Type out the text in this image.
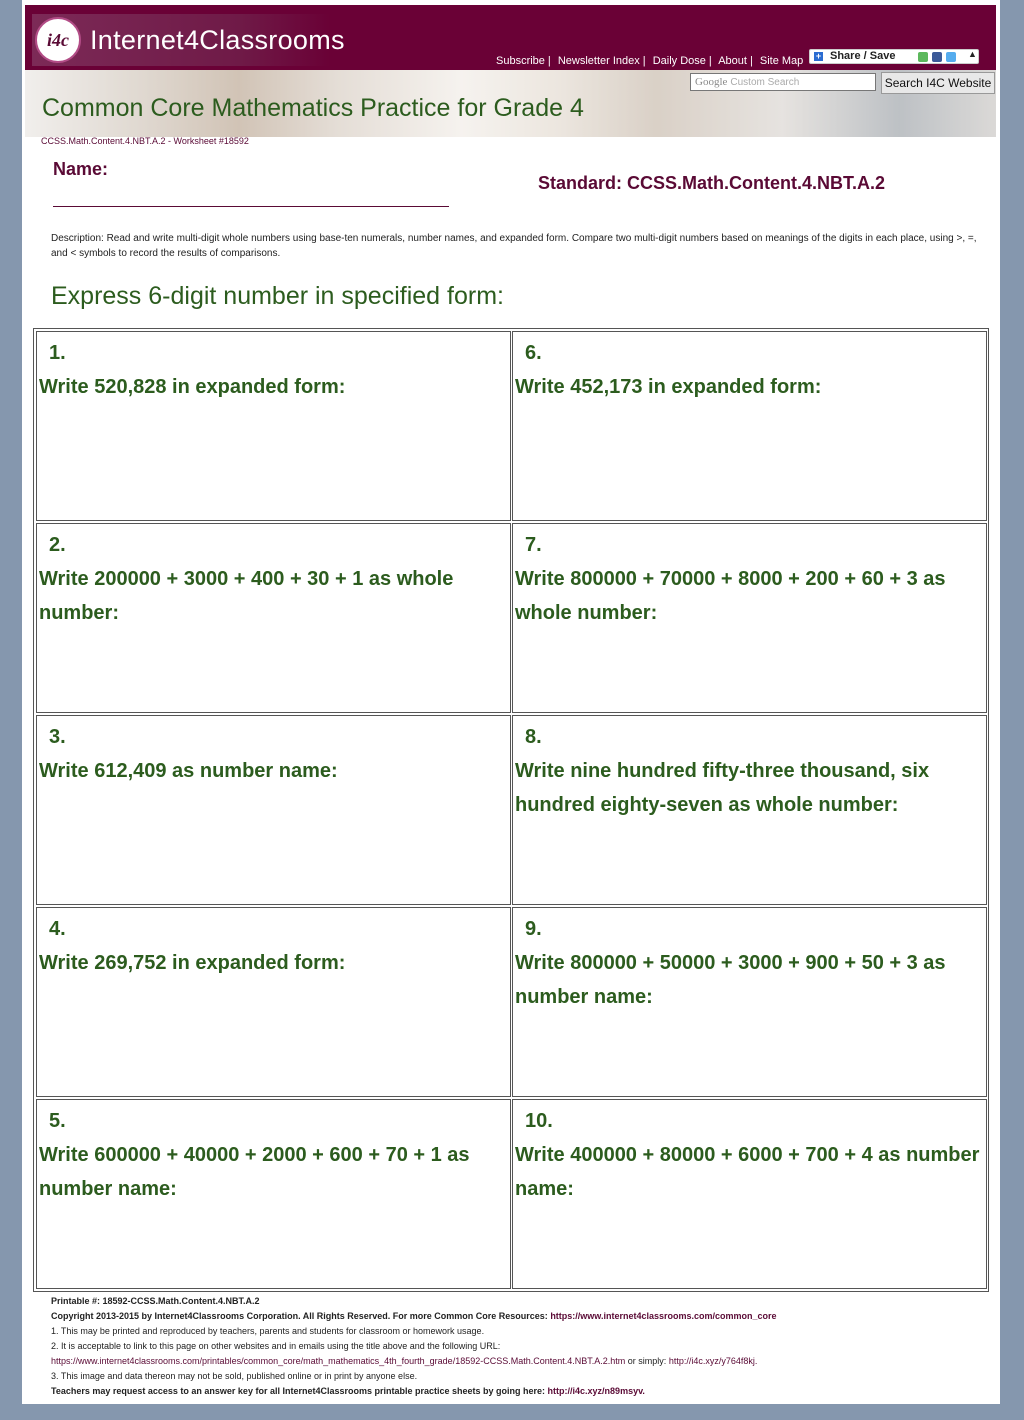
i4c Internet4Classrooms
Subscribe | Newsletter Index | Daily Dose | About | Site Map + Share / Save	▲

Google Custom Search	Search I4C Website
Common Core Mathematics Practice for Grade 4
CCSS.Math.Content.4.NBT.A.2 - Worksheet #18592
Name:
Standard: CCSS.Math.Content.4.NBT.A.2
Description: Read and write multi-digit whole numbers using base-ten numerals, number names, and expanded form. Compare two multi-digit numbers based on meanings of the digits in each place, using >, =, and < symbols to record the results of comparisons.
Express 6-digit number in specified form:
1.
Write 520,828 in expanded form:
2.
Write 200000 + 3000 + 400 + 30 + 1 as whole number:
3.
Write 612,409 as number name:
4.
Write 269,752 in expanded form:
5.
Write 600000 + 40000 + 2000 + 600 + 70 + 1 as number name:
6.
Write 452,173 in expanded form:
7.
Write 800000 + 70000 + 8000 + 200 + 60 + 3 as whole number:
8.
Write nine hundred fifty-three thousand, six hundred eighty-seven as whole number:
9.
Write 800000 + 50000 + 3000 + 900 + 50 + 3 as number name:
10.
Write 400000 + 80000 + 6000 + 700 + 4 as number name:
Printable #: 18592-CCSS.Math.Content.4.NBT.A.2
Copyright 2013-2015 by Internet4Classrooms Corporation. All Rights Reserved. For more Common Core Resources: https://www.internet4classrooms.com/common_core
1. This may be printed and reproduced by teachers, parents and students for classroom or homework usage.
2. It is acceptable to link to this page on other websites and in emails using the title above and the following URL:
https://www.internet4classrooms.com/printables/common_core/math_mathematics_4th_fourth_grade/18592-CCSS.Math.Content.4.NBT.A.2.htm or simply: http://i4c.xyz/y764f8kj.
3. This image and data thereon may not be sold, published online or in print by anyone else.
Teachers may request access to an answer key for all Internet4Classrooms printable practice sheets by going here: http://i4c.xyz/n89msyv.
